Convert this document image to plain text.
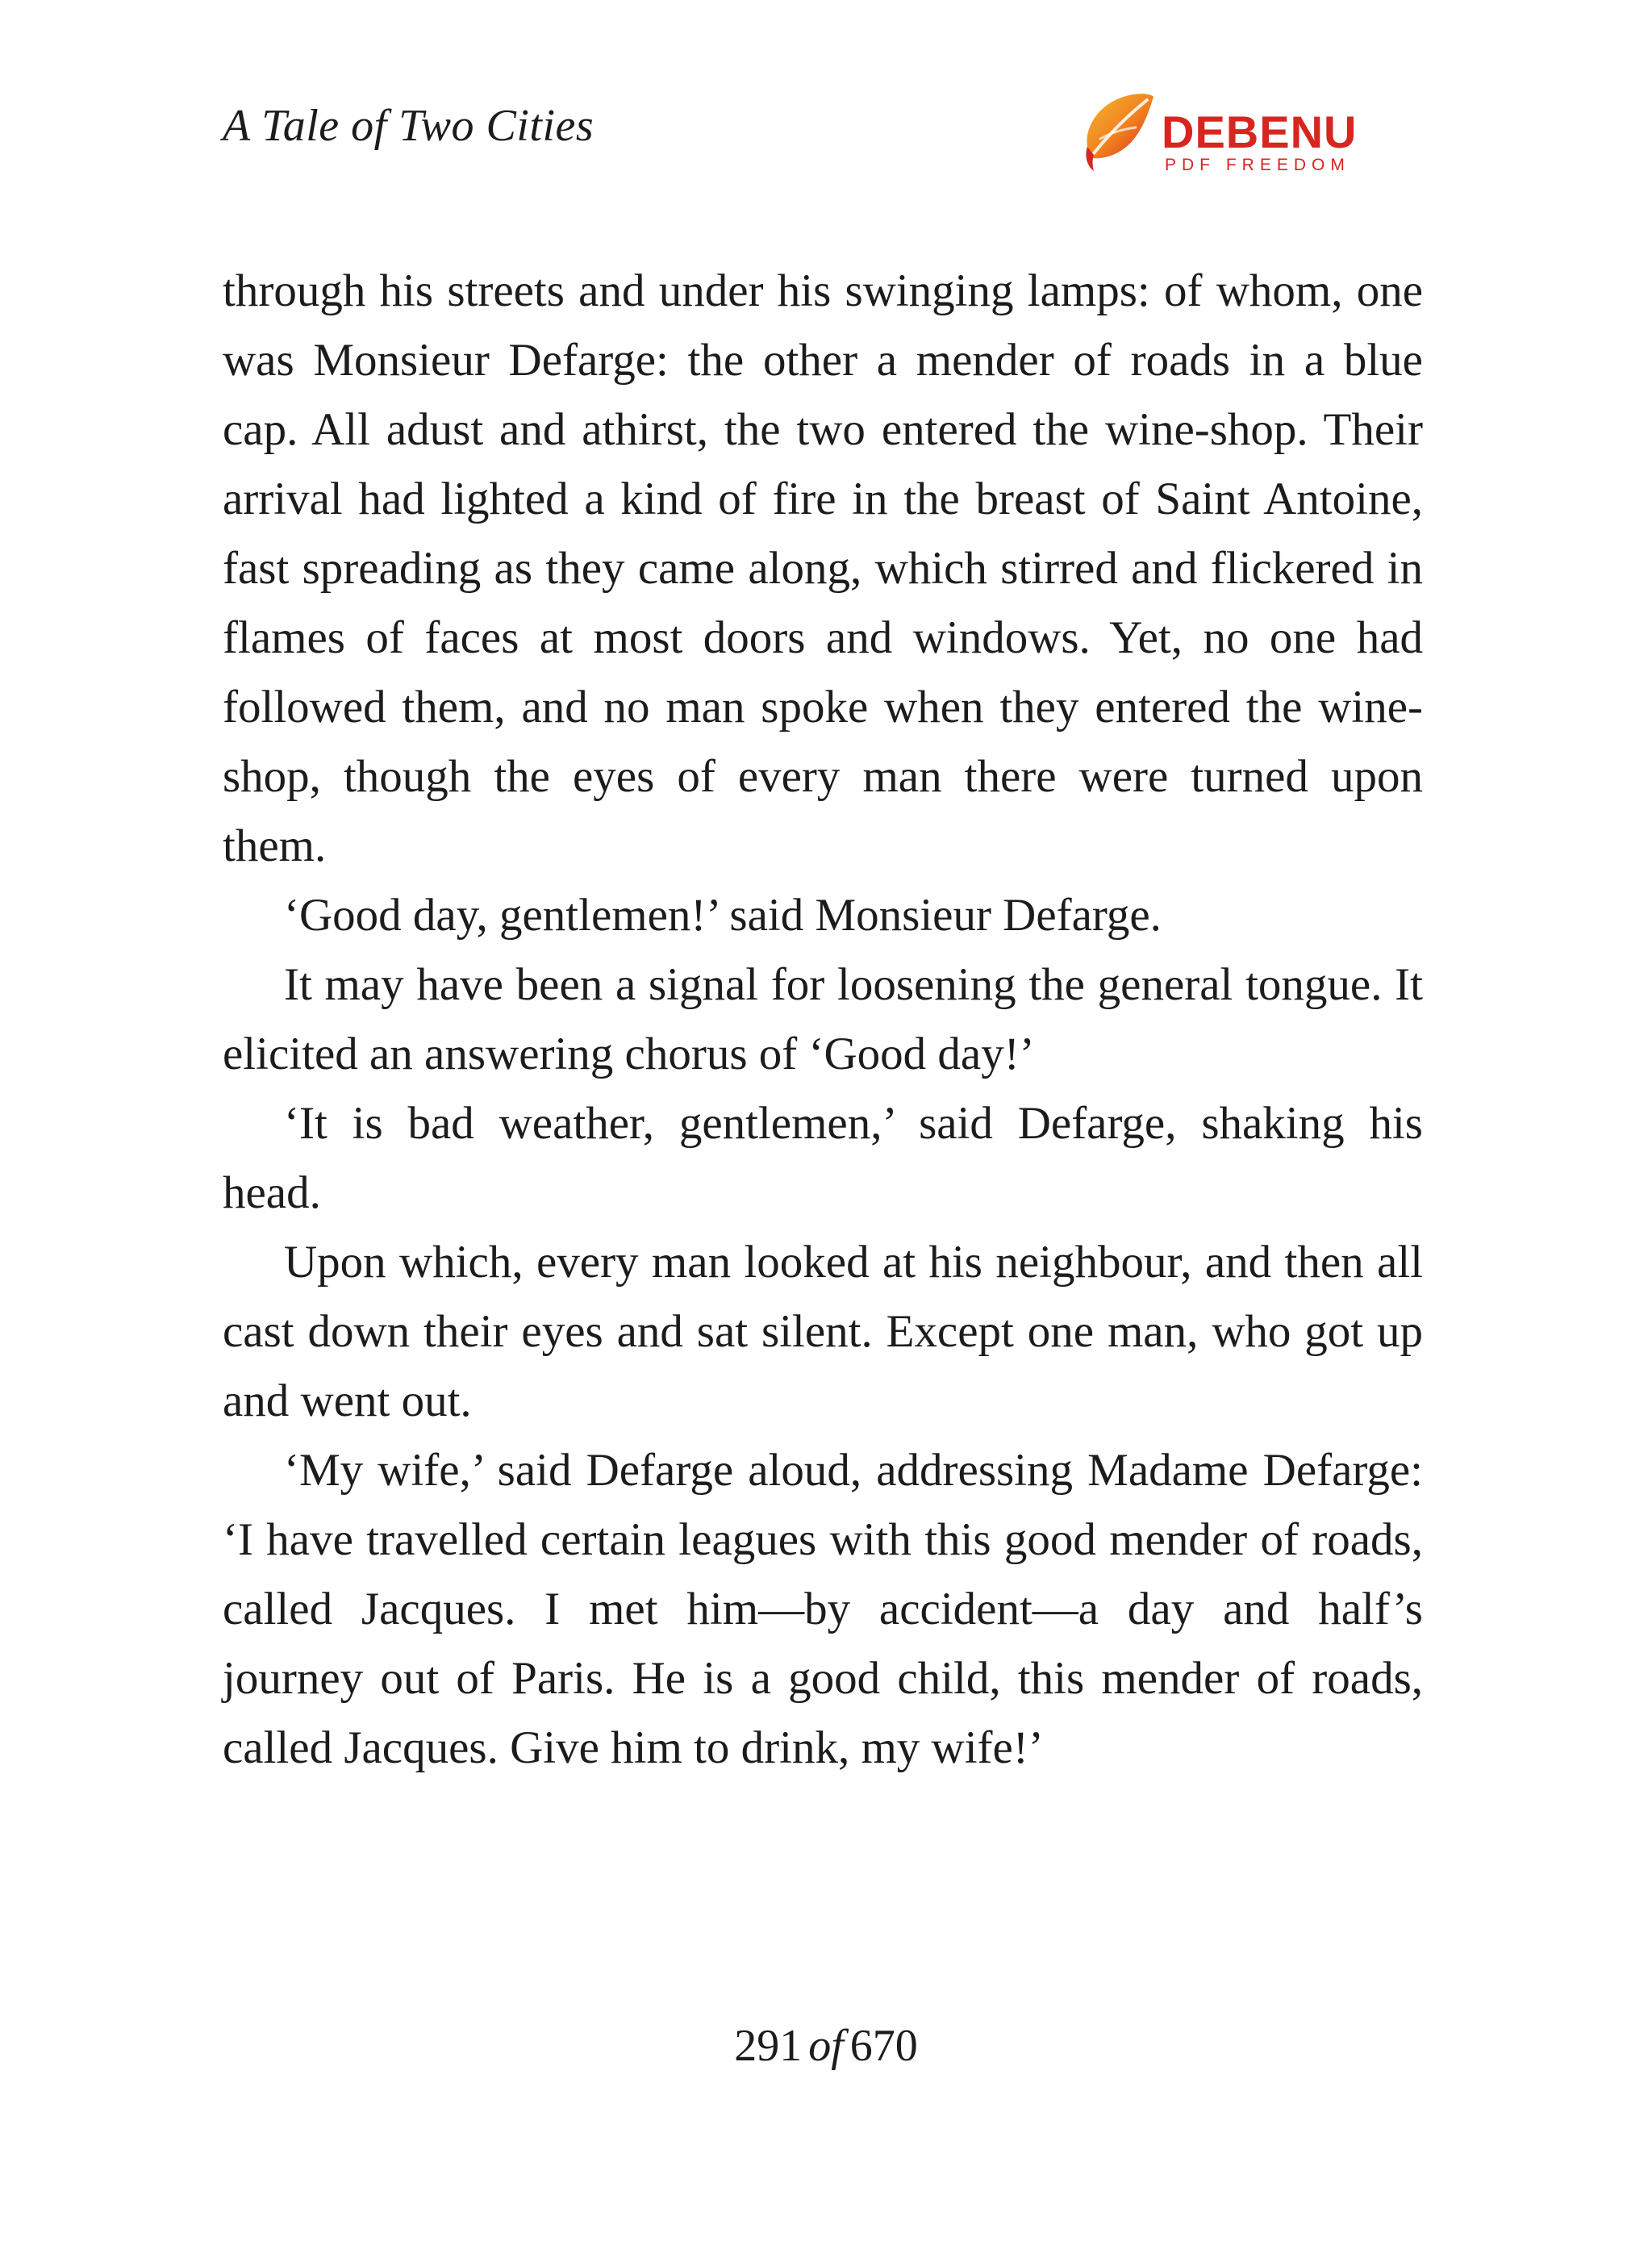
A Tale of Two Cities	DEBENU
PDF FREEDOM

through his streets and under his swinging lamps: of whom, one was Monsieur Defarge: the other a mender of roads in a blue cap. All adust and athirst, the two entered the wine-shop. Their arrival had lighted a kind of fire in the breast of Saint Antoine, fast spreading as they came along, which stirred and flickered in flames of faces at most doors and windows. Yet, no one had followed them, and no man spoke when they entered the wine-shop, though the eyes of every man there were turned upon them.

‘Good day, gentlemen!’ said Monsieur Defarge.

It may have been a signal for loosening the general tongue. It elicited an answering chorus of ‘Good day!’

‘It is bad weather, gentlemen,’ said Defarge, shaking his head.

Upon which, every man looked at his neighbour, and then all cast down their eyes and sat silent. Except one man, who got up and went out.

‘My wife,’ said Defarge aloud, addressing Madame Defarge: ‘I have travelled certain leagues with this good mender of roads, called Jacques. I met him—by accident—a day and half’s journey out of Paris. He is a good child, this mender of roads, called Jacques. Give him to drink, my wife!’

291 of 670
